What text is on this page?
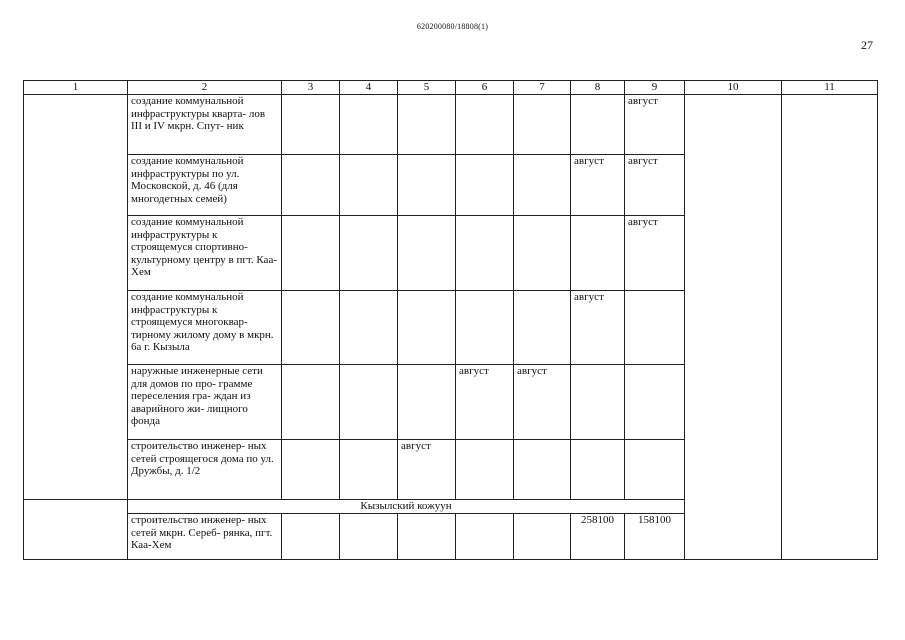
620200080/18808(1)
27
1	2	3	4	5	6	7	8	9	10	11
	создание коммунальной инфраструктуры кварта- лов III и IV мкрн. Спут- ник							август		
	создание коммунальной инфраструктуры по ул. Московской, д. 46 (для многодетных семей)						август	август		
	создание коммунальной инфраструктуры к строящемуся спортивно- культурному центру в пгт. Каа-Хем							август		
	создание коммунальной инфраструктуры к строящемуся многоквар- тирному жилому дому в мкрн. 6а г. Кызыла						август			
	наружные инженерные сети для домов по про- грамме переселения гра- ждан из аварийного жи- лищного фонда				август	август				
	строительство инженер- ных сетей строящегося дома по ул. Дружбы, д. 1/2			август						
	Кызылский кожуун									
	строительство инженер- ных сетей мкрн. Сереб- рянка, пгт. Каа-Хем						258100	158100		
